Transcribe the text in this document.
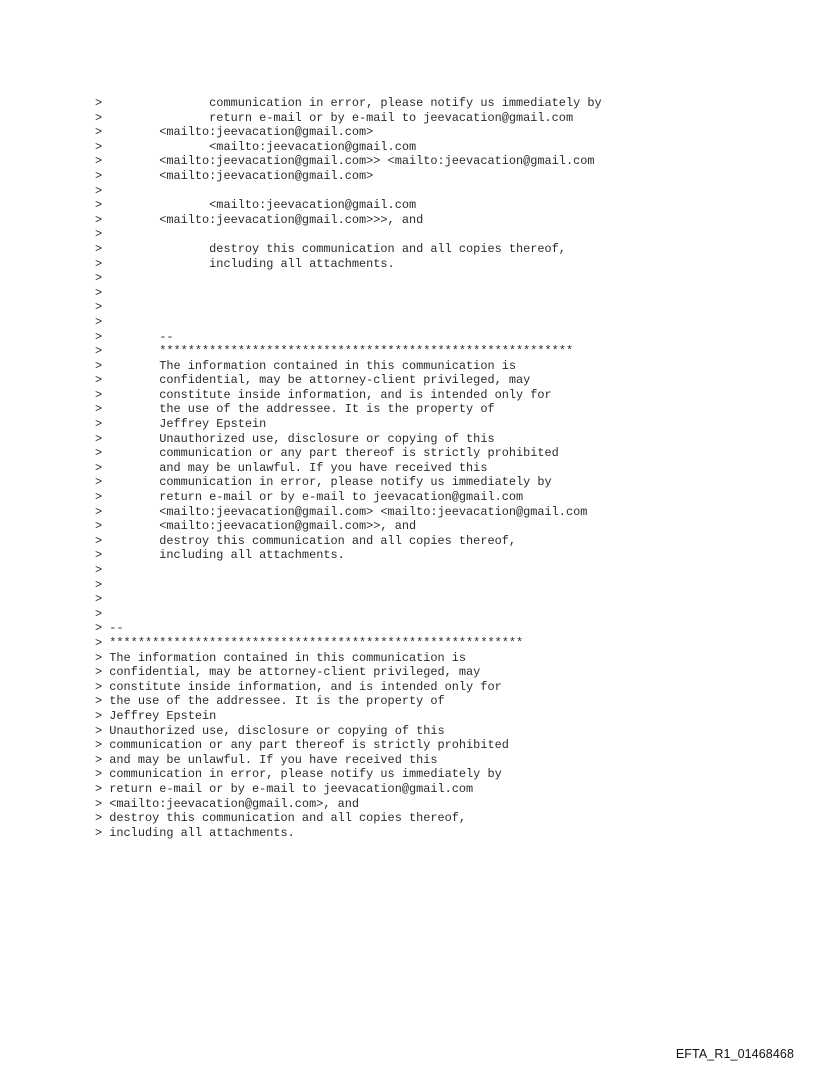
>               communication in error, please notify us immediately by
>               return e-mail or by e-mail to jeevacation@gmail.com
>        <mailto:jeevacation@gmail.com>
>               <mailto:jeevacation@gmail.com
>        <mailto:jeevacation@gmail.com>> <mailto:jeevacation@gmail.com
>        <mailto:jeevacation@gmail.com>
>
>               <mailto:jeevacation@gmail.com
>        <mailto:jeevacation@gmail.com>>>, and
>
>               destroy this communication and all copies thereof,
>               including all attachments.
>
>
>
>
>        --
>        **********************************************************
>        The information contained in this communication is
>        confidential, may be attorney-client privileged, may
>        constitute inside information, and is intended only for
>        the use of the addressee. It is the property of
>        Jeffrey Epstein
>        Unauthorized use, disclosure or copying of this
>        communication or any part thereof is strictly prohibited
>        and may be unlawful. If you have received this
>        communication in error, please notify us immediately by
>        return e-mail or by e-mail to jeevacation@gmail.com
>        <mailto:jeevacation@gmail.com> <mailto:jeevacation@gmail.com
>        <mailto:jeevacation@gmail.com>>, and
>        destroy this communication and all copies thereof,
>        including all attachments.
>
>
>
>
> --
> **********************************************************
> The information contained in this communication is
> confidential, may be attorney-client privileged, may
> constitute inside information, and is intended only for
> the use of the addressee. It is the property of
> Jeffrey Epstein
> Unauthorized use, disclosure or copying of this
> communication or any part thereof is strictly prohibited
> and may be unlawful. If you have received this
> communication in error, please notify us immediately by
> return e-mail or by e-mail to jeevacation@gmail.com
> <mailto:jeevacation@gmail.com>, and
> destroy this communication and all copies thereof,
> including all attachments.
EFTA_R1_01468468
